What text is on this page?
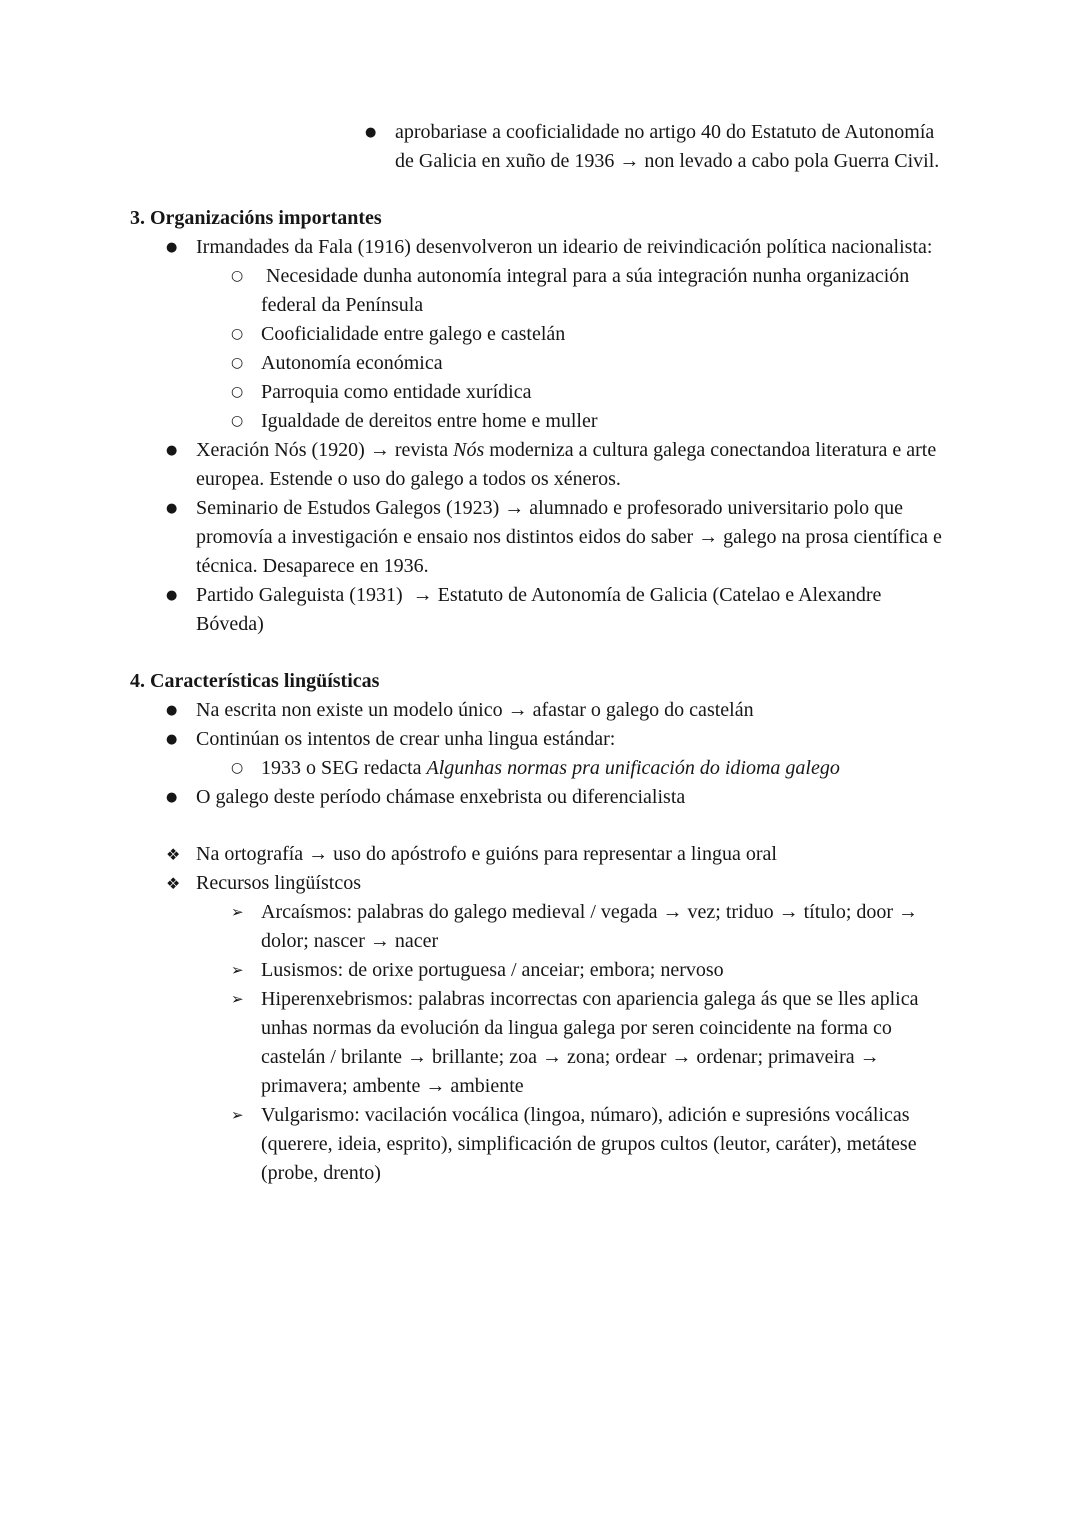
● aprobariase a cooficialidade no artigo 40 do Estatuto de Autonomía de Galicia en xuño de 1936 → non levado a cabo pola Guerra Civil.
3. Organizacións importantes
● Irmandades da Fala (1916) desenvolveron un ideario de reivindicación política nacionalista:
○ Necesidade dunha autonomía integral para a súa integración nunha organización federal da Península
○ Cooficialidade entre galego e castelán
○ Autonomía económica
○ Parroquia como entidade xurídica
○ Igualdade de dereitos entre home e muller
● Xeración Nós (1920) → revista Nós moderniza a cultura galega conectandoa literatura e arte europea. Estende o uso do galego a todos os xéneros.
● Seminario de Estudos Galegos (1923) → alumnado e profesorado universitario polo que promovía a investigación e ensaio nos distintos eidos do saber → galego na prosa científica e técnica. Desaparece en 1936.
● Partido Galeguista (1931)  → Estatuto de Autonomía de Galicia (Catelao e Alexandre Bóveda)
4. Características lingüísticas
● Na escrita non existe un modelo único → afastar o galego do castelán
● Continúan os intentos de crear unha lingua estándar:
○ 1933 o SEG redacta Algunhas normas pra unificación do idioma galego
● O galego deste período chámase enxebrista ou diferencialista
❖ Na ortografía → uso do apóstrofo e guións para representar a lingua oral
❖ Recursos lingüístcos
➢ Arcaísmos: palabras do galego medieval / vegada → vez; triduo → título; door → dolor; nascer → nacer
➢ Lusismos: de orixe portuguesa / anceiar; embora; nervoso
➢ Hiperenxebrismos: palabras incorrectas con apariencia galega ás que se lles aplica unhas normas da evolución da lingua galega por seren coincidente na forma co castelán / brilante → brillante; zoa → zona; ordear → ordenar; primaveira → primavera; ambente → ambiente
➢ Vulgarismo: vacilación vocálica (lingoa, númaro), adición e supresións vocálicas (querere, ideia, esprito), simplificación de grupos cultos (leutor, caráter), metátese (probe, drento)
